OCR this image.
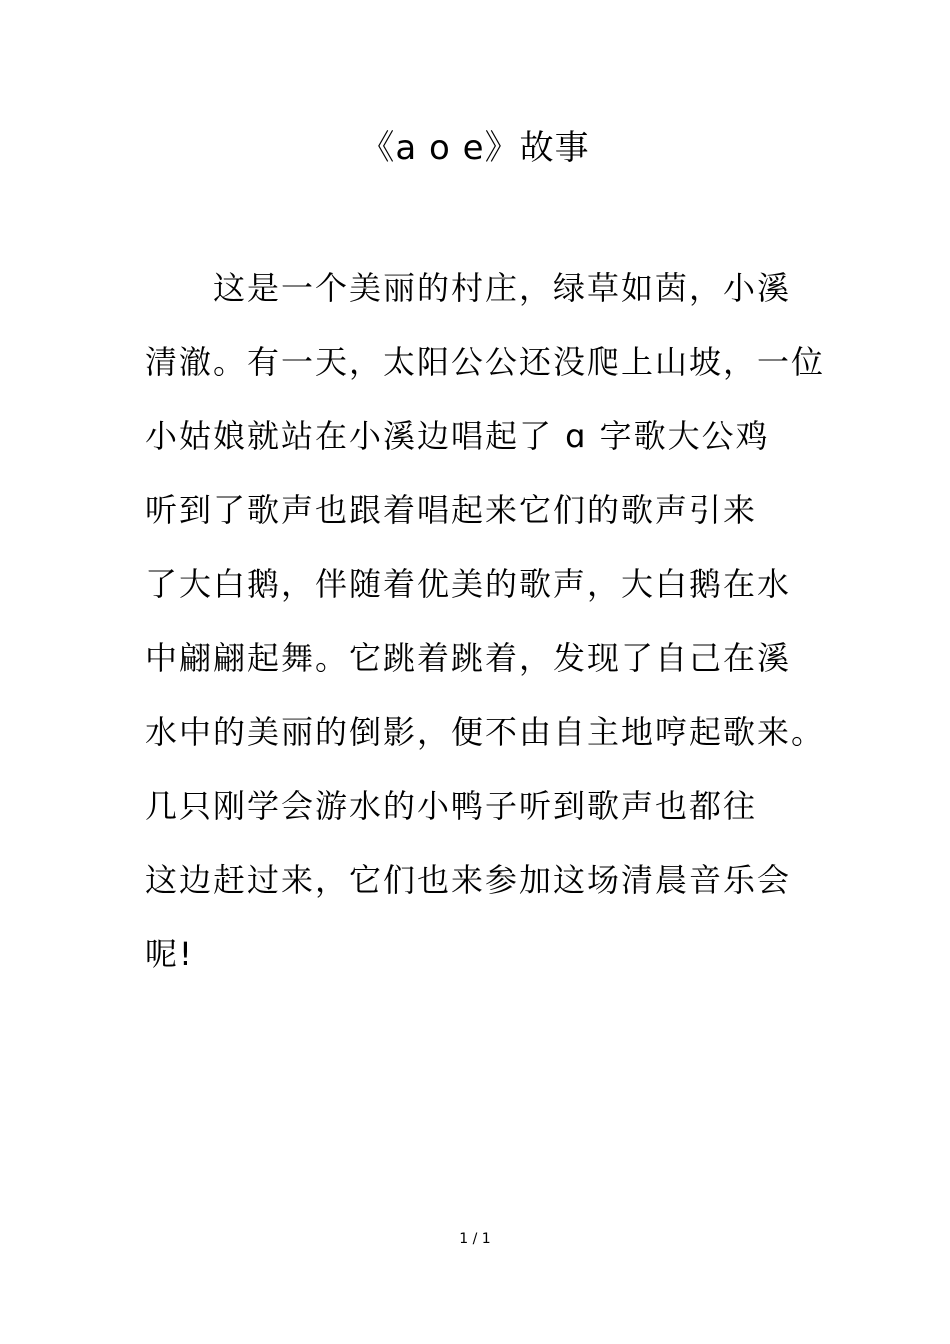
《a o e》故事
这是一个美丽的村庄，绿草如茵，小溪
清澈。有一天，太阳公公还没爬上山坡，一位
小姑娘就站在小溪边唱起了 ɑ 字歌大公鸡
听到了歌声也跟着唱起来它们的歌声引来
了大白鹅，伴随着优美的歌声，大白鹅在水
中翩翩起舞。它跳着跳着，发现了自己在溪
水中的美丽的倒影，便不由自主地哼起歌来。
几只刚学会游水的小鸭子听到歌声也都往
这边赶过来，它们也来参加这场清晨音乐会
呢!
1 / 1
